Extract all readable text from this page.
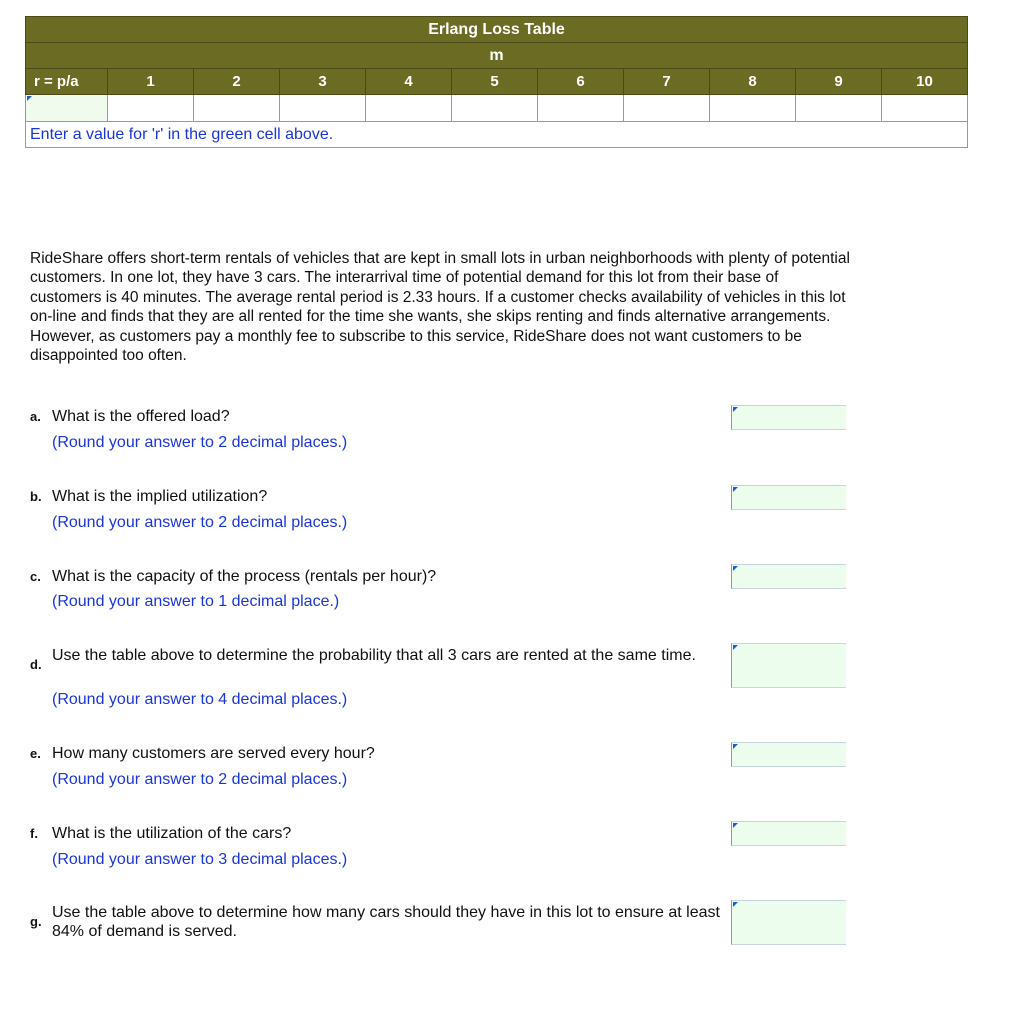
Erlang Loss Table
m
r = p/a	1	2	3	4	5	6	7	8	9	10
Enter a value for 'r' in the green cell above.

RideShare offers short-term rentals of vehicles that are kept in small lots in urban neighborhoods with plenty of potential customers. In one lot, they have 3 cars. The interarrival time of potential demand for this lot from their base of customers is 40 minutes. The average rental period is 2.33 hours. If a customer checks availability of vehicles in this lot on-line and finds that they are all rented for the time she wants, she skips renting and finds alternative arrangements. However, as customers pay a monthly fee to subscribe to this service, RideShare does not want customers to be disappointed too often.

a. What is the offered load?
(Round your answer to 2 decimal places.)
b. What is the implied utilization?
(Round your answer to 2 decimal places.)
c. What is the capacity of the process (rentals per hour)?
(Round your answer to 1 decimal place.)
d.
Use the table above to determine the probability that all 3 cars are rented at the same time.
(Round your answer to 4 decimal places.)
e. How many customers are served every hour?
(Round your answer to 2 decimal places.)
f. What is the utilization of the cars?
(Round your answer to 3 decimal places.)
g.
Use the table above to determine how many cars should they have in this lot to ensure at least 84% of demand is served.
